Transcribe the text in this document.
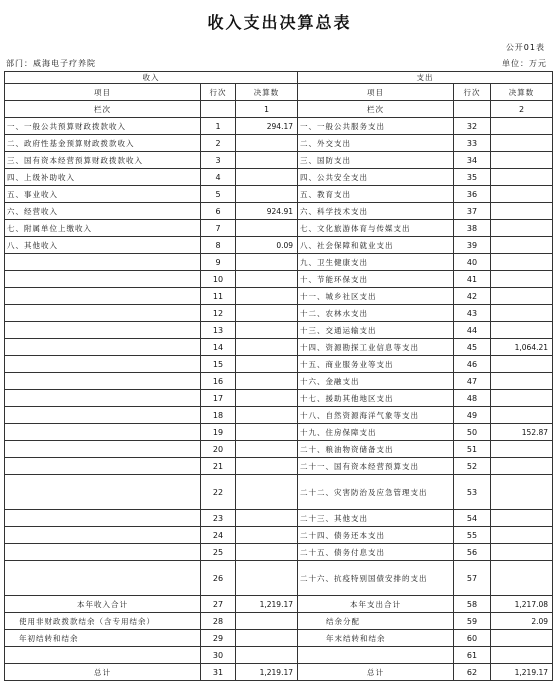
收入支出决算总表
公开01表
部门：威海电子疗养院	单位：万元
收入			支出		
项目	行次	决算数	项目	行次	决算数
栏次		1	栏次		2
一、一般公共预算财政拨款收入	1	294.17	一、一般公共服务支出	32	
二、政府性基金预算财政拨款收入	2		二、外交支出	33	
三、国有资本经营预算财政拨款收入	3		三、国防支出	34	
四、上级补助收入	4		四、公共安全支出	35	
五、事业收入	5		五、教育支出	36	
六、经营收入	6	924.91	六、科学技术支出	37	
七、附属单位上缴收入	7		七、文化旅游体育与传媒支出	38	
八、其他收入	8	0.09	八、社会保障和就业支出	39	
	9		九、卫生健康支出	40	
	10		十、节能环保支出	41	
	11		十一、城乡社区支出	42	
	12		十二、农林水支出	43	
	13		十三、交通运输支出	44	
	14		十四、资源勘探工业信息等支出	45	1,064.21
	15		十五、商业服务业等支出	46	
	16		十六、金融支出	47	
	17		十七、援助其他地区支出	48	
	18		十八、自然资源海洋气象等支出	49	
	19		十九、住房保障支出	50	152.87
	20		二十、粮油物资储备支出	51	
	21		二十一、国有资本经营预算支出	52	
	22		二十二、灾害防治及应急管理支出	53	
	23		二十三、其他支出	54	
	24		二十四、债务还本支出	55	
	25		二十五、债务付息支出	56	
	26		二十六、抗疫特别国债安排的支出	57	
本年收入合计	27	1,219.17	本年支出合计	58	1,217.08
使用非财政拨款结余（含专用结余）	28		结余分配	59	2.09
年初结转和结余	29		年末结转和结余	60	
	30			61	
总计	31	1,219.17	总计	62	1,219.17
